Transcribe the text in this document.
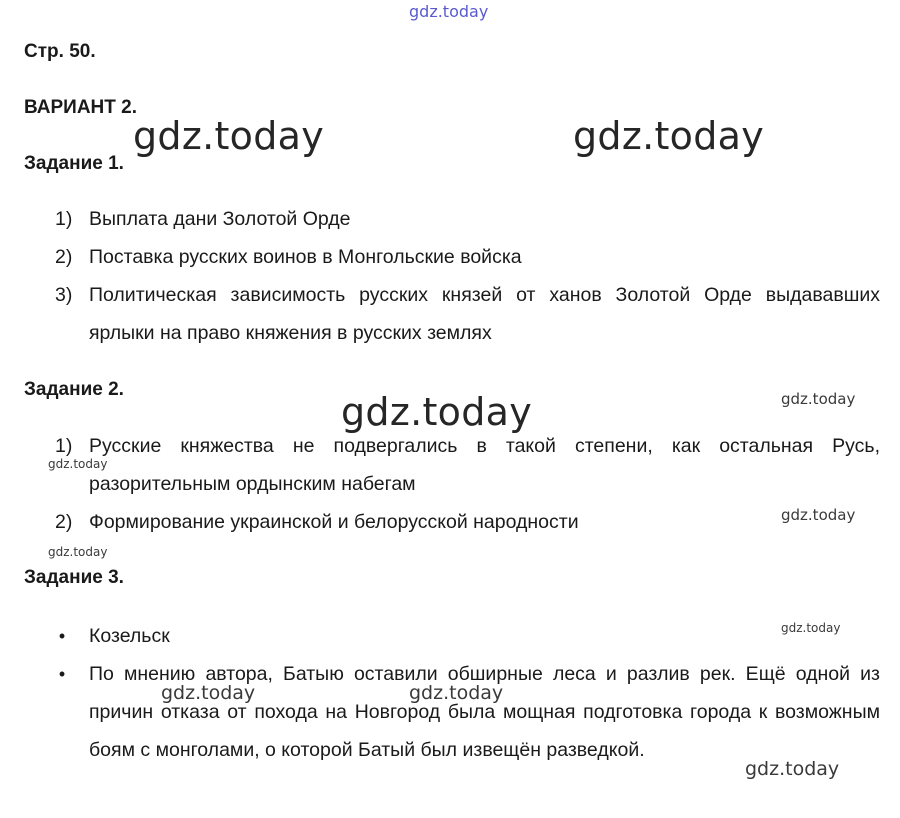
gdz.today
gdz.today	gdz.today
gdz.today	gdz.today
gdz.today
gdz.today
gdz.today
gdz.today
gdz.today	gdz.today
gdz.today
Стр. 50.
ВАРИАНТ 2.
Задание 1.
1) Выплата дани Золотой Орде
2) Поставка русских воинов в Монгольские войска
3) Политическая зависимость русских князей от ханов Золотой Орде выдававших ярлыки на право княжения в русских землях
Задание 2.
1) Русские княжества не подвергались в такой степени, как остальная Русь, разорительным ордынским набегам
2) Формирование украинской и белорусской народности
Задание 3.
• Козельск
• По мнению автора, Батыю оставили обширные леса и разлив рек. Ещё одной из причин отказа от похода на Новгород была мощная подготовка города к возможным боям с монголами, о которой Батый был извещён разведкой.
